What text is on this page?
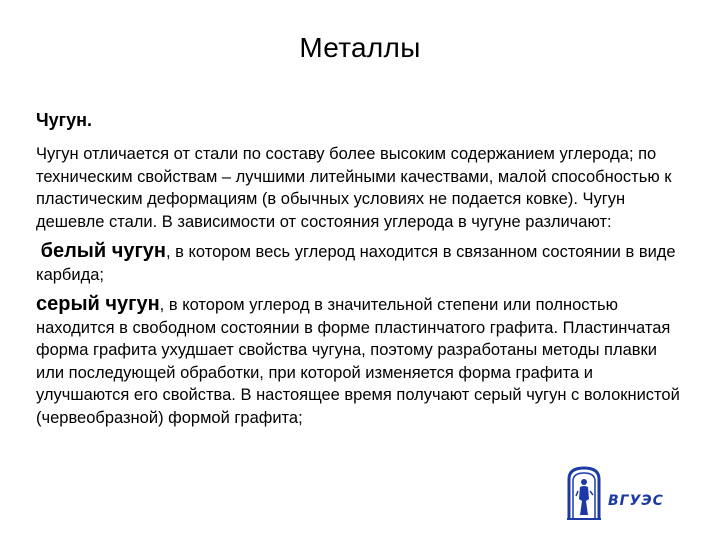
Металлы
Чугун.

Чугун отличается от стали по составу более высоким содержанием углерода; по техническим свойствам – лучшими литейными качествами, малой способностью к пластическим деформациям (в обычных условиях не подается ковке). Чугун дешевле стали. В зависимости от состояния углерода в чугуне различают:

белый чугун, в котором весь углерод находится в связанном состоянии в виде карбида;

серый чугун, в котором углерод в значительной степени или полностью находится в свободном состоянии в форме пластинчатого графита. Пластинчатая форма графита ухудшает свойства чугуна, поэтому разработаны методы плавки или последующей обработки, при которой изменяется форма графита и улучшаются его свойства. В настоящее время получают серый чугун с волокнистой (червеобразной) формой графита;

ВГУЭС
